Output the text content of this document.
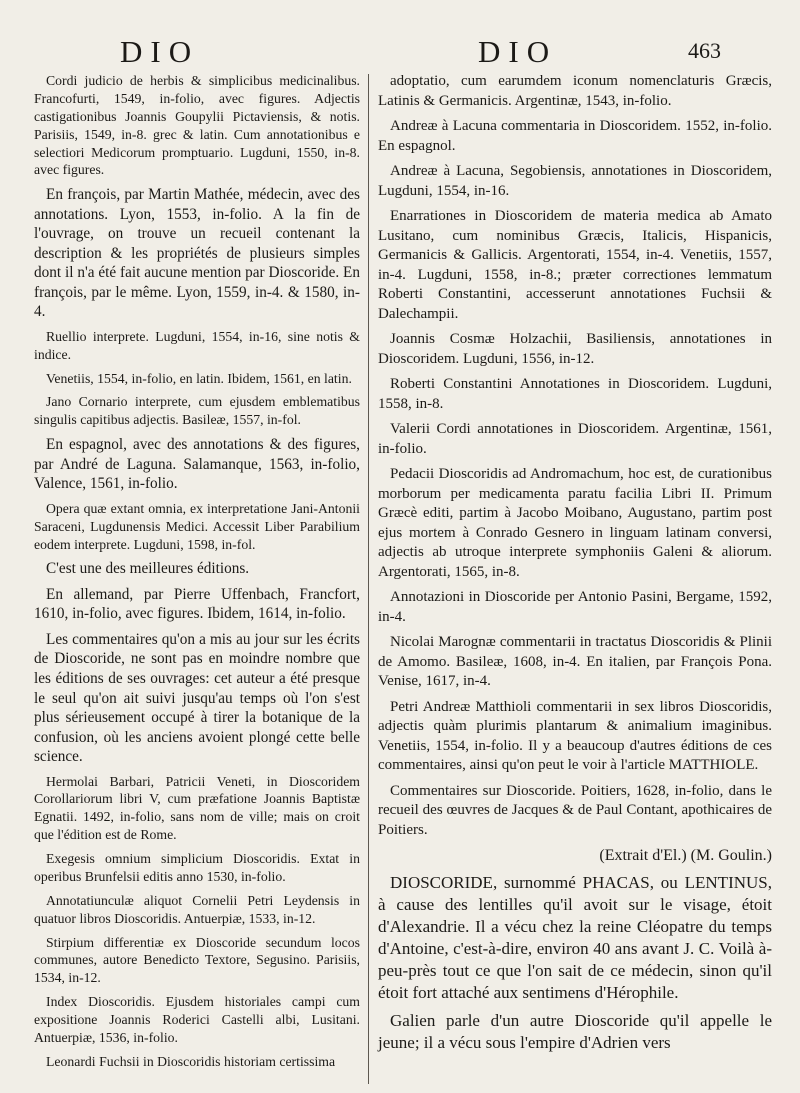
DIO	DIO	463

Cordi judicio de herbis & simplicibus medicinalibus. Francofurti, 1549, in-folio, avec figures. Adjectis castigationibus Joannis Goupylii Pictaviensis, & notis. Parisiis, 1549, in-8. grec & latin. Cum annotationibus e selectiori Medicorum promptuario. Lugduni, 1550, in-8. avec figures.

En françois, par Martin Mathée, médecin, avec des annotations. Lyon, 1553, in-folio. A la fin de l'ouvrage, on trouve un recueil contenant la description & les propriétés de plusieurs simples dont il n'a été fait aucune mention par Dioscoride. En françois, par le même. Lyon, 1559, in-4. & 1580, in-4.

Ruellio interprete. Lugduni, 1554, in-16, sine notis & indice.

Venetiis, 1554, in-folio, en latin. Ibidem, 1561, en latin.

Jano Cornario interprete, cum ejusdem emblematibus singulis capitibus adjectis. Basileæ, 1557, in-fol.

En espagnol, avec des annotations & des figures, par André de Laguna. Salamanque, 1563, in-folio, Valence, 1561, in-folio.

Opera quæ extant omnia, ex interpretatione Jani-Antonii Saraceni, Lugdunensis Medici. Accessit Liber Parabilium eodem interprete. Lugduni, 1598, in-fol.

C'est une des meilleures éditions.

En allemand, par Pierre Uffenbach, Francfort, 1610, in-folio, avec figures. Ibidem, 1614, in-folio.

Les commentaires qu'on a mis au jour sur les écrits de Dioscoride, ne sont pas en moindre nombre que les éditions de ses ouvrages: cet auteur a été presque le seul qu'on ait suivi jusqu'au temps où l'on s'est plus sérieusement occupé à tirer la botanique de la confusion, où les anciens avoient plongé cette belle science.

Hermolai Barbari, Patricii Veneti, in Dioscoridem Corollariorum libri V, cum præfatione Joannis Baptistæ Egnatii. 1492, in-folio, sans nom de ville; mais on croit que l'édition est de Rome.

Exegesis omnium simplicium Dioscoridis. Extat in operibus Brunfelsii editis anno 1530, in-folio.

Annotatiunculæ aliquot Cornelii Petri Leydensis in quatuor libros Dioscoridis. Antuerpiæ, 1533, in-12.

Stirpium differentiæ ex Dioscoride secundum locos communes, autore Benedicto Textore, Segusino. Parisiis, 1534, in-12.

Index Dioscoridis. Ejusdem historiales campi cum expositione Joannis Roderici Castelli albi, Lusitani. Antuerpiæ, 1536, in-folio.

Leonardi Fuchsii in Dioscoridis historiam certissima

adoptatio, cum earumdem iconum nomenclaturis Græcis, Latinis & Germanicis. Argentinæ, 1543, in-folio.

Andreæ à Lacuna commentaria in Dioscoridem. 1552, in-folio. En espagnol.

Andreæ à Lacuna, Segobiensis, annotationes in Dioscoridem, Lugduni, 1554, in-16.

Enarrationes in Dioscoridem de materia medica ab Amato Lusitano, cum nominibus Græcis, Italicis, Hispanicis, Germanicis & Gallicis. Argentorati, 1554, in-4. Venetiis, 1557, in-4. Lugduni, 1558, in-8.; præter correctiones lemmatum Roberti Constantini, accesserunt annotationes Fuchsii & Dalechampii.

Joannis Cosmæ Holzachii, Basiliensis, annotationes in Dioscoridem. Lugduni, 1556, in-12.

Roberti Constantini Annotationes in Dioscoridem. Lugduni, 1558, in-8.

Valerii Cordi annotationes in Dioscoridem. Argentinæ, 1561, in-folio.

Pedacii Dioscoridis ad Andromachum, hoc est, de curationibus morborum per medicamenta paratu facilia Libri II. Primum Græcè editi, partim à Jacobo Moibano, Augustano, partim post ejus mortem à Conrado Gesnero in linguam latinam conversi, adjectis ab utroque interprete symphoniis Galeni & aliorum. Argentorati, 1565, in-8.

Annotazioni in Dioscoride per Antonio Pasini, Bergame, 1592, in-4.

Nicolai Marognæ commentarii in tractatus Dioscoridis & Plinii de Amomo. Basileæ, 1608, in-4. En italien, par François Pona. Venise, 1617, in-4.

Petri Andreæ Matthioli commentarii in sex libros Dioscoridis, adjectis quàm plurimis plantarum & animalium imaginibus. Venetiis, 1554, in-folio. Il y a beaucoup d'autres éditions de ces commentaires, ainsi qu'on peut le voir à l'article MATTHIOLE.

Commentaires sur Dioscoride. Poitiers, 1628, in-folio, dans le recueil des œuvres de Jacques & de Paul Contant, apothicaires de Poitiers.

(Extrait d'El.) (M. Goulin.)

DIOSCORIDE, surnommé PHACAS, ou LENTINUS, à cause des lentilles qu'il avoit sur le visage, étoit d'Alexandrie. Il a vécu chez la reine Cléopatre du temps d'Antoine, c'est-à-dire, environ 40 ans avant J. C. Voilà à-peu-près tout ce que l'on sait de ce médecin, sinon qu'il étoit fort attaché aux sentimens d'Hérophile.

Galien parle d'un autre Dioscoride qu'il appelle le jeune; il a vécu sous l'empire d'Adrien vers
